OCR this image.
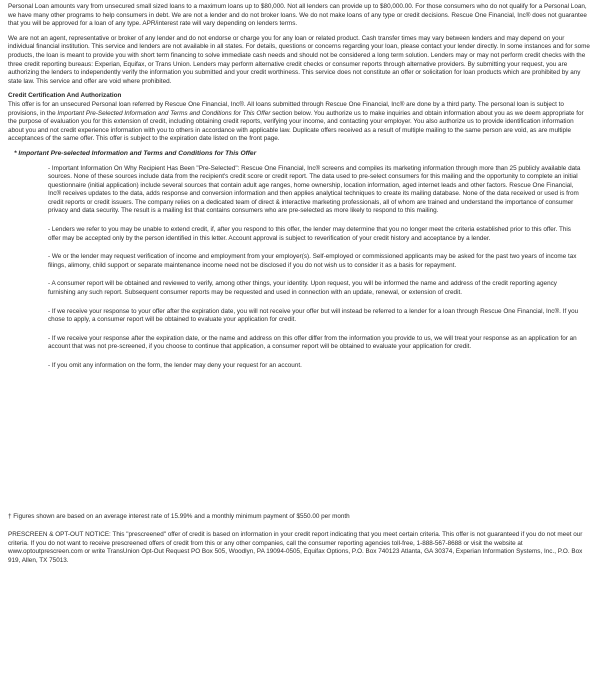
Personal Loan amounts vary from unsecured small sized loans to a maximum loans up to $80,000. Not all lenders can provide up to $80,000.00. For those consumers who do not qualify for a Personal Loan, we have many other programs to help consumers in debt. We are not a lender and do not broker loans. We do not make loans of any type or credit decisions. Rescue One Financial, Inc® does not guarantee that you will be approved for a loan of any type. APR/interest rate will vary depending on lenders terms.

We are not an agent, representative or broker of any lender and do not endorse or charge you for any loan or related product. Cash transfer times may vary between lenders and may depend on your individual financial institution. This service and lenders are not available in all states. For details, questions or concerns regarding your loan, please contact your lender directly. In some instances and for some products, the loan is meant to provide you with short term financing to solve immediate cash needs and should not be considered a long term solution. Lenders may or may not perform credit checks with the three credit reporting bureaus: Experian, Equifax, or Trans Union. Lenders may perform alternative credit checks or consumer reports through alternative providers. By submitting your request, you are authorizing the lenders to independently verify the information you submitted and your credit worthiness. This service does not constitute an offer or solicitation for loan products which are prohibited by any state law. This service and offer are void where prohibited.

Credit Certification And Authorization

This offer is for an unsecured Personal loan referred by Rescue One Financial, Inc®. All loans submitted through Rescue One Financial, Inc® are done by a third party. The personal loan is subject to provisions, in the Important Pre-Selected Information and Terms and Conditions for This Offer section below. You authorize us to make inquiries and obtain information about you as we deem appropriate for the purpose of evaluation you for this extension of credit, including obtaining credit reports, verifying your income, and contacting your employer. You also authorize us to provide identification information about you and not credit experience information with you to others in accordance with applicable law. Duplicate offers received as a result of multiple mailing to the same person are void, as are multiple acceptances of the same offer. This offer is subject to the expiration date listed on the front page.

* Important Pre-selected Information and Terms and Conditions for This Offer

- Important Information On Why Recipient Has Been "Pre-Selected": Rescue One Financial, Inc® screens and compiles its marketing information through more than 25 publicly available data sources. None of these sources include data from the recipient's credit score or credit report. The data used to pre-select consumers for this mailing and the opportunity to complete an initial questionnaire (initial application) include several sources that contain adult age ranges, home ownership, location information, aged internet leads and other factors. Rescue One Financial, Inc® receives updates to the data, adds response and conversion information and then applies analytical techniques to create its mailing database. None of the data received or used is from credit reports or credit issuers. The company relies on a dedicated team of direct & interactive marketing professionals, all of whom are trained and understand the importance of consumer privacy and data security. The result is a mailing list that contains consumers who are pre-selected as more likely to respond to this mailing.

- Lenders we refer to you may be unable to extend credit, if, after you respond to this offer, the lender may determine that you no longer meet the criteria established prior to this offer. This offer may be accepted only by the person identified in this letter. Account approval is subject to reverification of your credit history and acceptance by a lender.

- We or the lender may request verification of income and employment from your employer(s). Self-employed or commissioned applicants may be asked for the past two years of income tax filings, alimony, child support or separate maintenance income need not be disclosed if you do not wish us to consider it as a basis for repayment.

- A consumer report will be obtained and reviewed to verify, among other things, your identity. Upon request, you will be informed the name and address of the credit reporting agency furnishing any such report. Subsequent consumer reports may be requested and used in connection with an update, renewal, or extension of credit.

- If we receive your response to your offer after the expiration date, you will not receive your offer but will instead be referred to a lender for a loan through Rescue One Financial, Inc®. If you chose to apply, a consumer report will be obtained to evaluate your application for credit.

- If we receive your response after the expiration date, or the name and address on this offer differ from the information you provide to us, we will treat your response as an application for an account that was not pre-screened, if you choose to continue that application, a consumer report will be obtained to evaluate your application for credit.

- If you omit any information on the form, the lender may deny your request for an account.

† Figures shown are based on an average interest rate of 15.99% and a monthly minimum payment of $550.00 per month

PRESCREEN & OPT-OUT NOTICE: This "prescreened" offer of credit is based on information in your credit report indicating that you meet certain criteria. This offer is not guaranteed if you do not meet our criteria. If you do not want to receive prescreened offers of credit from this or any other companies, call the consumer reporting agencies toll-free, 1-888-567-8688 or visit the website at www.optoutprescreen.com or write TransUnion Opt-Out Request PO Box 505, Woodlyn, PA 19094-0505, Equifax Options, P.O. Box 740123 Atlanta, GA 30374, Experian Information Systems, Inc., P.O. Box 919, Allen, TX 75013.
